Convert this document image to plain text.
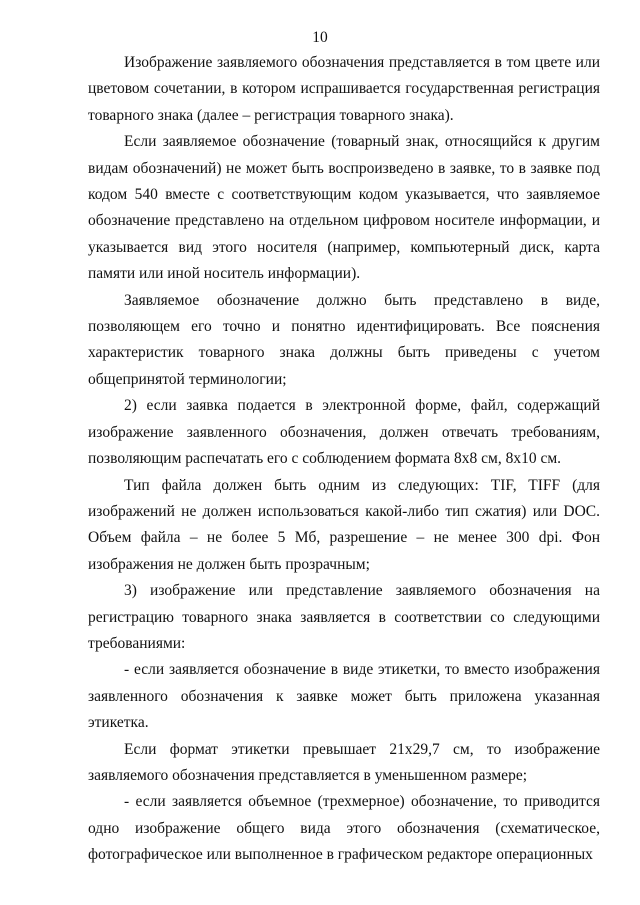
10

Изображение заявляемого обозначения представляется в том цвете или цветовом сочетании, в котором испрашивается государственная регистрация товарного знака (далее – регистрация товарного знака).

Если заявляемое обозначение (товарный знак, относящийся к другим видам обозначений) не может быть воспроизведено в заявке, то в заявке под кодом 540 вместе с соответствующим кодом указывается, что заявляемое обозначение представлено на отдельном цифровом носителе информации, и указывается вид этого носителя (например, компьютерный диск, карта памяти или иной носитель информации).

Заявляемое обозначение должно быть представлено в виде, позволяющем его точно и понятно идентифицировать. Все пояснения характеристик товарного знака должны быть приведены с учетом общепринятой терминологии;

2) если заявка подается в электронной форме, файл, содержащий изображение заявленного обозначения, должен отвечать требованиям, позволяющим распечатать его с соблюдением формата 8х8 см, 8х10 см.

Тип файла должен быть одним из следующих: TIF, TIFF (для изображений не должен использоваться какой-либо тип сжатия) или DOC. Объем файла – не более 5 Мб, разрешение – не менее 300 dpi. Фон изображения не должен быть прозрачным;

3) изображение или представление заявляемого обозначения на регистрацию товарного знака заявляется в соответствии со следующими требованиями:

- если заявляется обозначение в виде этикетки, то вместо изображения заявленного обозначения к заявке может быть приложена указанная этикетка.

Если формат этикетки превышает 21х29,7 см, то изображение заявляемого обозначения представляется в уменьшенном размере;

- если заявляется объемное (трехмерное) обозначение, то приводится одно изображение общего вида этого обозначения (схематическое, фотографическое или выполненное в графическом редакторе операционных
